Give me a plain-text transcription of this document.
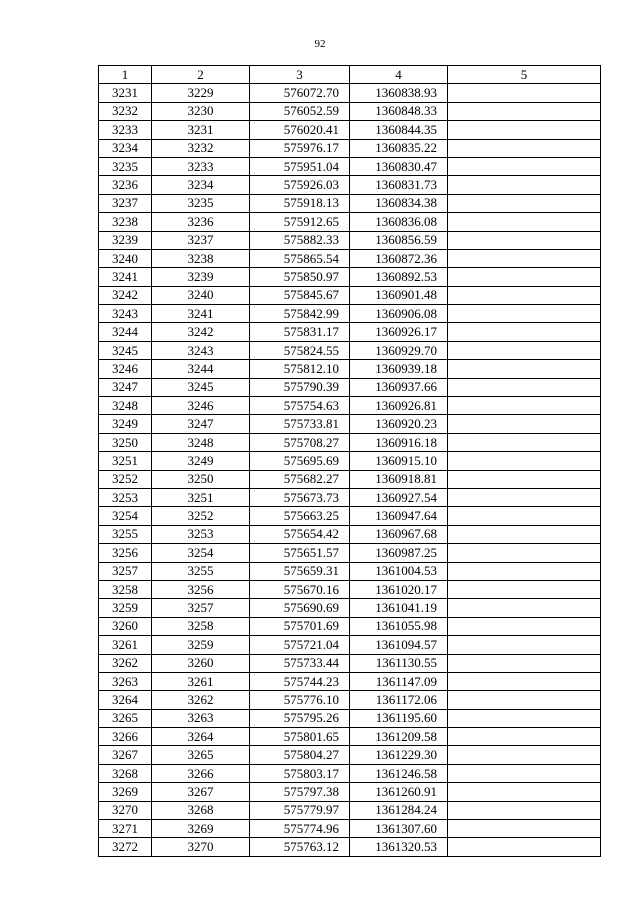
92
1	2	3	4	5
3231	3229	576072.70	1360838.93	
3232	3230	576052.59	1360848.33	
3233	3231	576020.41	1360844.35	
3234	3232	575976.17	1360835.22	
3235	3233	575951.04	1360830.47	
3236	3234	575926.03	1360831.73	
3237	3235	575918.13	1360834.38	
3238	3236	575912.65	1360836.08	
3239	3237	575882.33	1360856.59	
3240	3238	575865.54	1360872.36	
3241	3239	575850.97	1360892.53	
3242	3240	575845.67	1360901.48	
3243	3241	575842.99	1360906.08	
3244	3242	575831.17	1360926.17	
3245	3243	575824.55	1360929.70	
3246	3244	575812.10	1360939.18	
3247	3245	575790.39	1360937.66	
3248	3246	575754.63	1360926.81	
3249	3247	575733.81	1360920.23	
3250	3248	575708.27	1360916.18	
3251	3249	575695.69	1360915.10	
3252	3250	575682.27	1360918.81	
3253	3251	575673.73	1360927.54	
3254	3252	575663.25	1360947.64	
3255	3253	575654.42	1360967.68	
3256	3254	575651.57	1360987.25	
3257	3255	575659.31	1361004.53	
3258	3256	575670.16	1361020.17	
3259	3257	575690.69	1361041.19	
3260	3258	575701.69	1361055.98	
3261	3259	575721.04	1361094.57	
3262	3260	575733.44	1361130.55	
3263	3261	575744.23	1361147.09	
3264	3262	575776.10	1361172.06	
3265	3263	575795.26	1361195.60	
3266	3264	575801.65	1361209.58	
3267	3265	575804.27	1361229.30	
3268	3266	575803.17	1361246.58	
3269	3267	575797.38	1361260.91	
3270	3268	575779.97	1361284.24	
3271	3269	575774.96	1361307.60	
3272	3270	575763.12	1361320.53	
